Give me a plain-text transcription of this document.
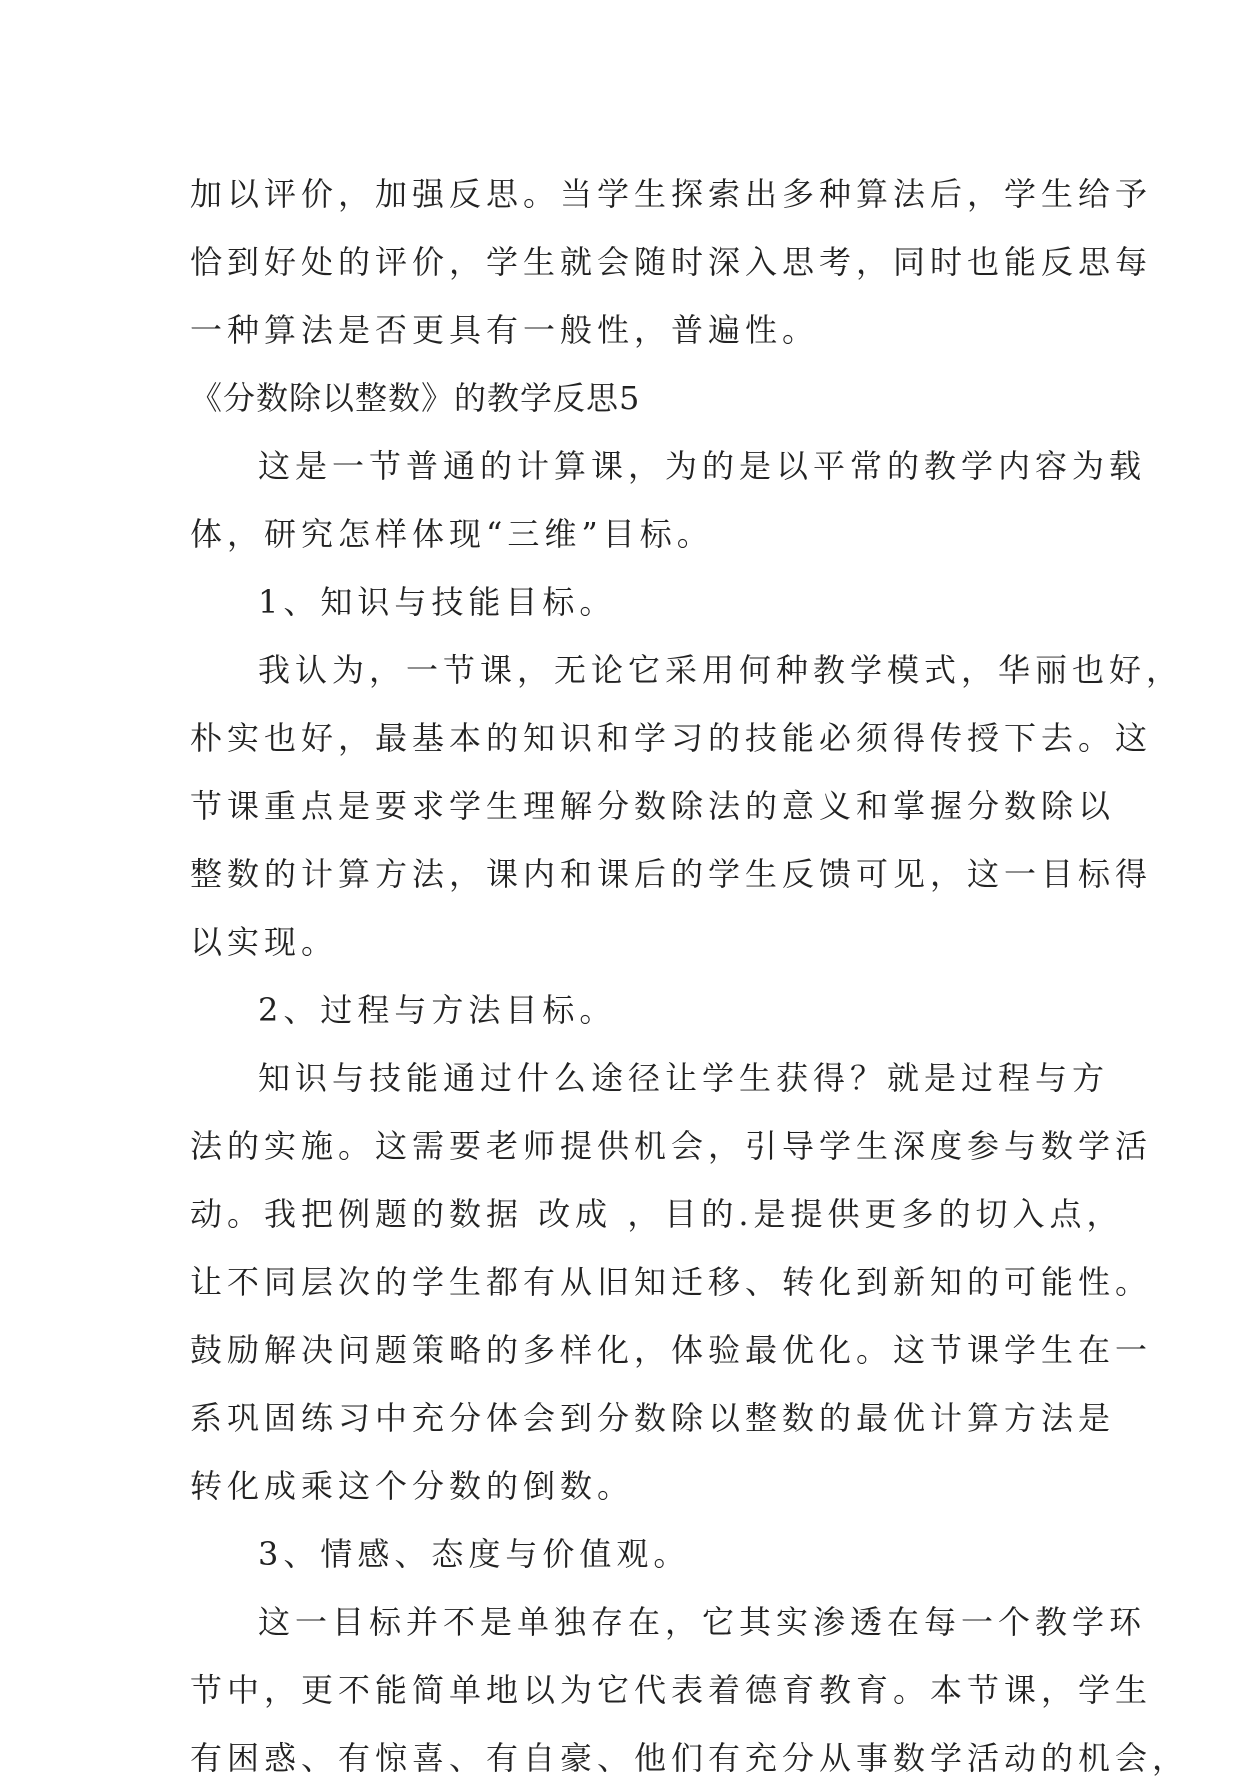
加以评价，加强反思。当学生探索出多种算法后，学生给予
恰到好处的评价，学生就会随时深入思考，同时也能反思每
一种算法是否更具有一般性，普遍性。
《分数除以整数》的教学反思5
这是一节普通的计算课，为的是以平常的教学内容为载
体，研究怎样体现“三维”目标。
1、知识与技能目标。
我认为，一节课，无论它采用何种教学模式，华丽也好，
朴实也好，最基本的知识和学习的技能必须得传授下去。这
节课重点是要求学生理解分数除法的意义和掌握分数除以
整数的计算方法，课内和课后的学生反馈可见，这一目标得
以实现。
2、过程与方法目标。
知识与技能通过什么途径让学生获得？就是过程与方
法的实施。这需要老师提供机会，引导学生深度参与数学活
动。我把例题的数据 改成 ，目的.是提供更多的切入点，
让不同层次的学生都有从旧知迁移、转化到新知的可能性。
鼓励解决问题策略的多样化，体验最优化。这节课学生在一
系巩固练习中充分体会到分数除以整数的最优计算方法是
转化成乘这个分数的倒数。
3、情感、态度与价值观。
这一目标并不是单独存在，它其实渗透在每一个教学环
节中，更不能简单地以为它代表着德育教育。本节课，学生
有困惑、有惊喜、有自豪、他们有充分从事数学活动的机会，
